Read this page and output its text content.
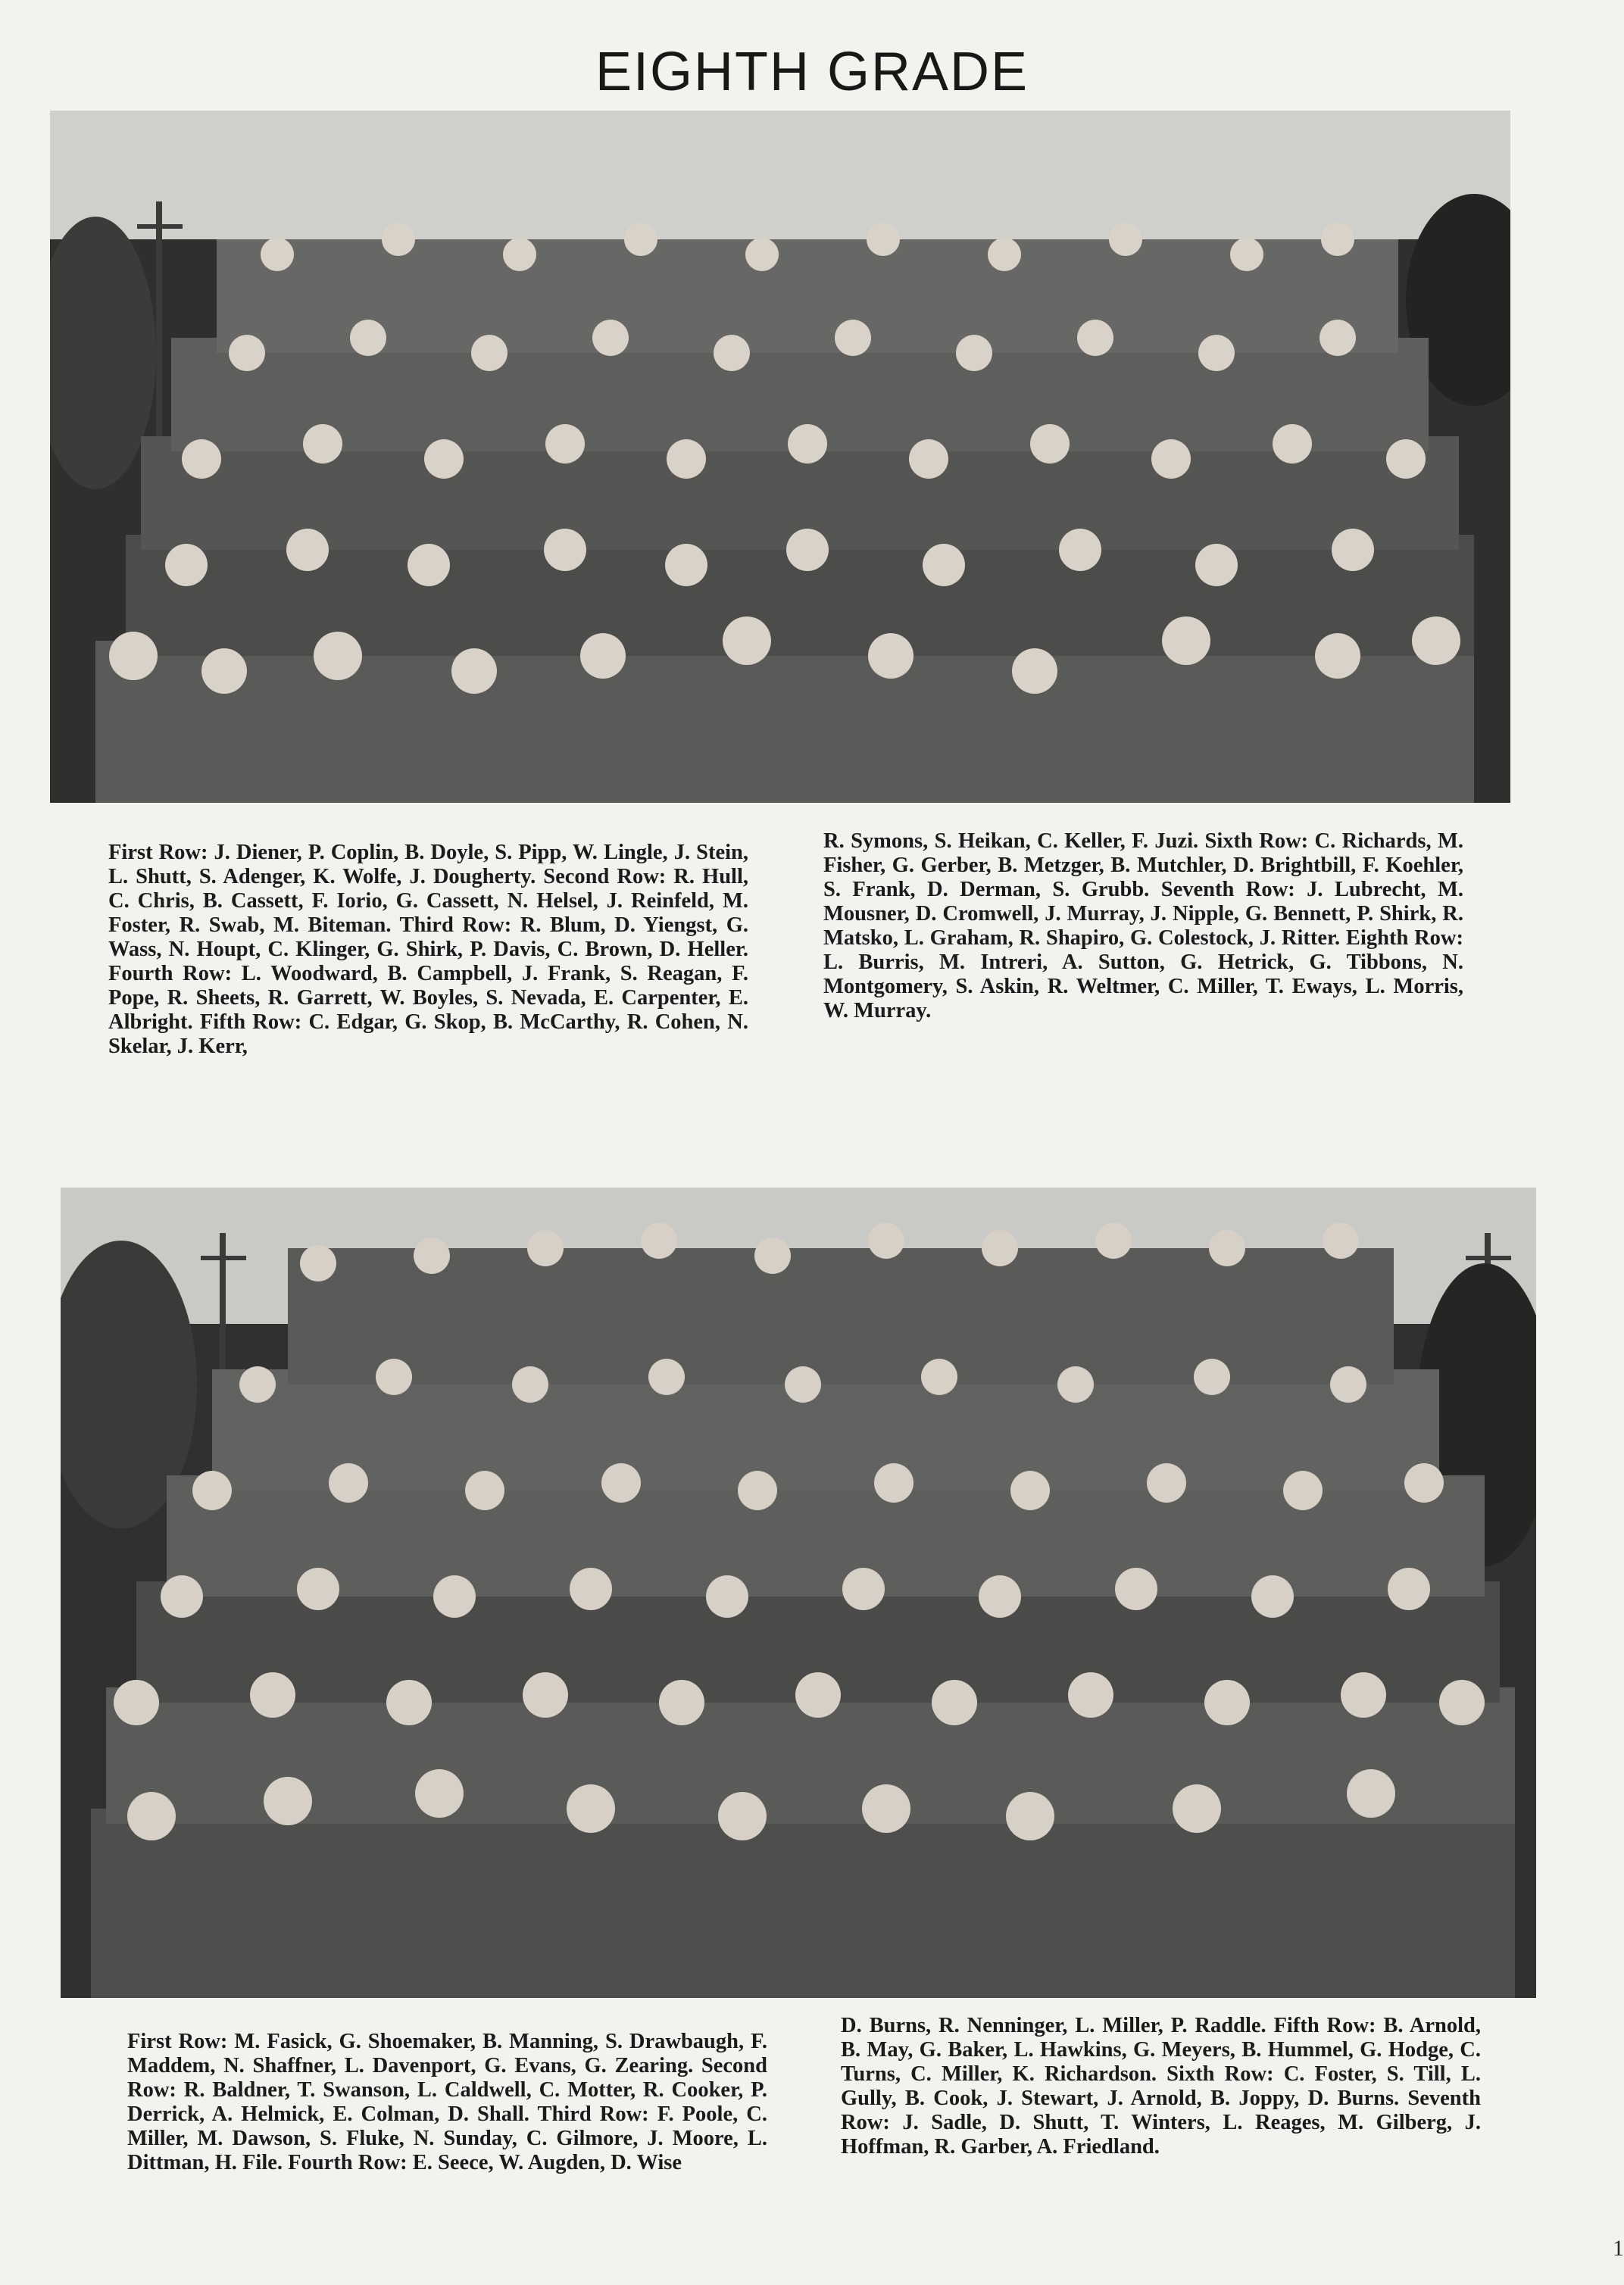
EIGHTH GRADE

First Row: J. Diener, P. Coplin, B. Doyle, S. Pipp, W. Lingle, J. Stein, L. Shutt, S. Adenger, K. Wolfe, J. Dougherty. Second Row: R. Hull, C. Chris, B. Cassett, F. Iorio, G. Cassett, N. Helsel, J. Reinfeld, M. Foster, R. Swab, M. Biteman. Third Row: R. Blum, D. Yiengst, G. Wass, N. Houpt, C. Klinger, G. Shirk, P. Davis, C. Brown, D. Heller. Fourth Row: L. Woodward, B. Campbell, J. Frank, S. Reagan, F. Pope, R. Sheets, R. Garrett, W. Boyles, S. Nevada, E. Carpenter, E. Albright. Fifth Row: C. Edgar, G. Skop, B. McCarthy, R. Cohen, N. Skelar, J. Kerr,

R. Symons, S. Heikan, C. Keller, F. Juzi. Sixth Row: C. Richards, M. Fisher, G. Gerber, B. Metzger, B. Mutchler, D. Brightbill, F. Koehler, S. Frank, D. Derman, S. Grubb. Seventh Row: J. Lubrecht, M. Mousner, D. Cromwell, J. Murray, J. Nipple, G. Bennett, P. Shirk, R. Matsko, L. Graham, R. Shapiro, G. Colestock, J. Ritter. Eighth Row: L. Burris, M. Intreri, A. Sutton, G. Hetrick, G. Tibbons, N. Montgomery, S. Askin, R. Weltmer, C. Miller, T. Eways, L. Morris, W. Murray.

First Row: M. Fasick, G. Shoemaker, B. Manning, S. Drawbaugh, F. Maddem, N. Shaffner, L. Davenport, G. Evans, G. Zearing. Second Row: R. Baldner, T. Swanson, L. Caldwell, C. Motter, R. Cooker, P. Derrick, A. Helmick, E. Colman, D. Shall. Third Row: F. Poole, C. Miller, M. Dawson, S. Fluke, N. Sunday, C. Gilmore, J. Moore, L. Dittman, H. File. Fourth Row: E. Seece, W. Augden, D. Wise

D. Burns, R. Nenninger, L. Miller, P. Raddle. Fifth Row: B. Arnold, B. May, G. Baker, L. Hawkins, G. Meyers, B. Hummel, G. Hodge, C. Turns, C. Miller, K. Richardson. Sixth Row: C. Foster, S. Till, L. Gully, B. Cook, J. Stewart, J. Arnold, B. Joppy, D. Burns. Seventh Row: J. Sadle, D. Shutt, T. Winters, L. Reages, M. Gilberg, J. Hoffman, R. Garber, A. Friedland.

1
